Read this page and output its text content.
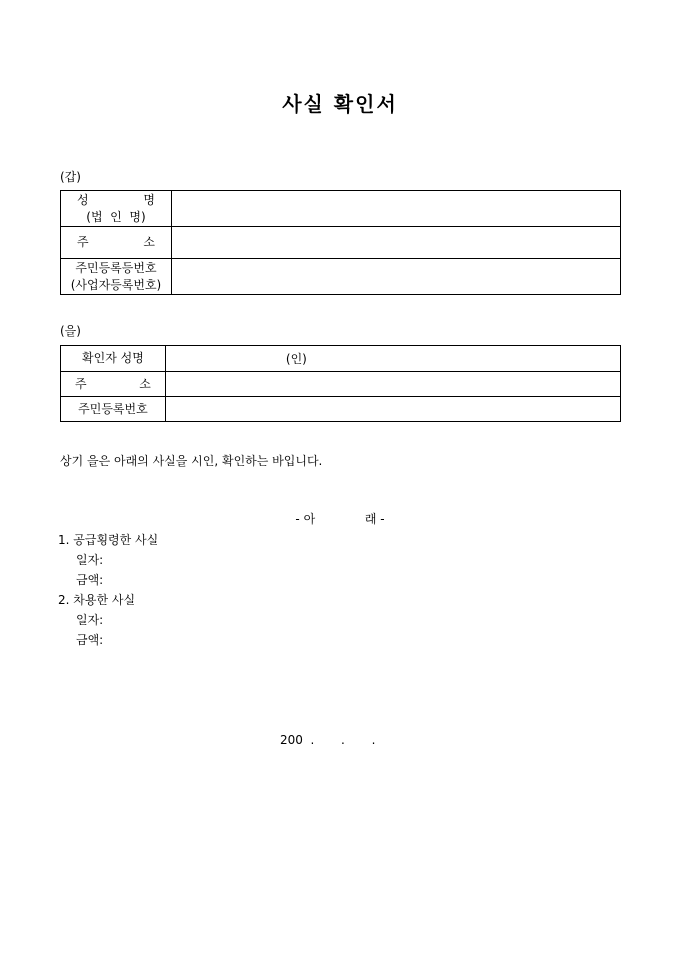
사실 확인서
(갑)
성 명
(법  인  명)	

주 소	

주민등록등번호
(사업자등록번호)	

(을)
확인자 성명	(인)

주 소	

주민등록번호	
상기 을은 아래의 사실을 시인, 확인하는 바입니다.
- 아	래 -
1. 공급횡령한 사실
일자:
금액:
2. 차용한 사실
일자:
금액:
200  .       .       .
